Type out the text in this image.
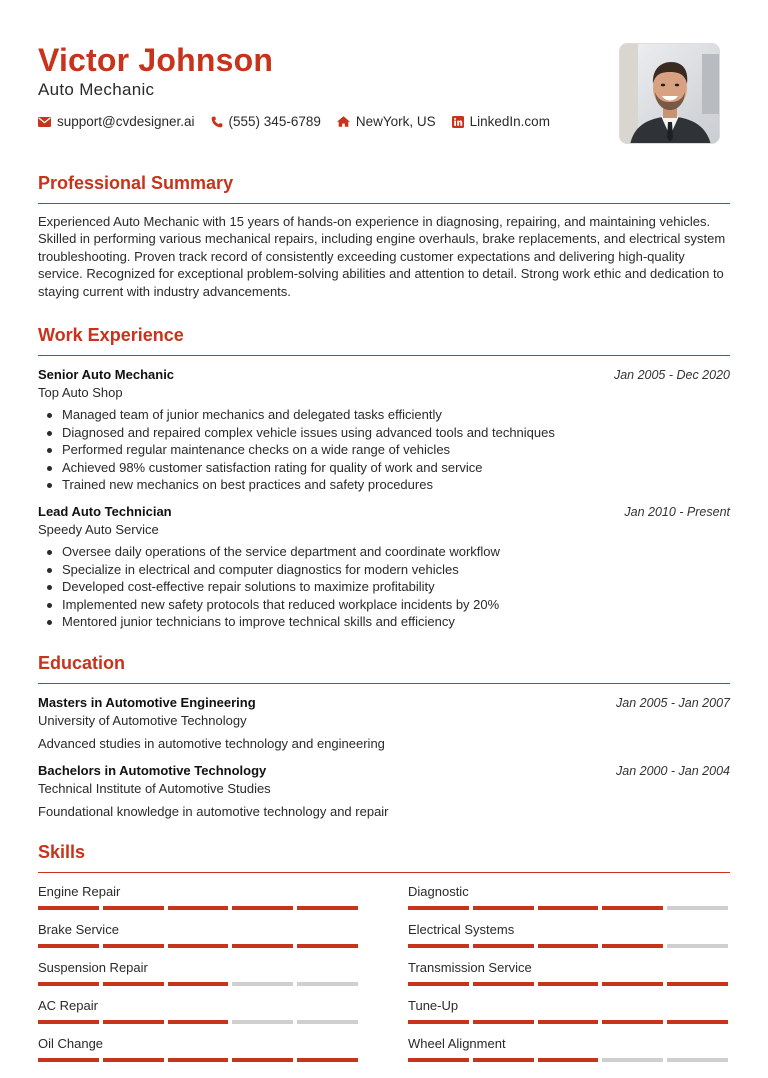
Victor Johnson
Auto Mechanic
support@cvdesigner.ai	(555) 345-6789	NewYork, US	LinkedIn.com
Professional Summary
Experienced Auto Mechanic with 15 years of hands-on experience in diagnosing, repairing, and maintaining vehicles. Skilled in performing various mechanical repairs, including engine overhauls, brake replacements, and electrical system troubleshooting. Proven track record of consistently exceeding customer expectations and delivering high-quality service. Recognized for exceptional problem-solving abilities and attention to detail. Strong work ethic and dedication to staying current with industry advancements.
Work Experience
Senior Auto Mechanic	Jan 2005 - Dec 2020
Top Auto Shop
Managed team of junior mechanics and delegated tasks efficiently
Diagnosed and repaired complex vehicle issues using advanced tools and techniques
Performed regular maintenance checks on a wide range of vehicles
Achieved 98% customer satisfaction rating for quality of work and service
Trained new mechanics on best practices and safety procedures
Lead Auto Technician	Jan 2010 - Present
Speedy Auto Service
Oversee daily operations of the service department and coordinate workflow
Specialize in electrical and computer diagnostics for modern vehicles
Developed cost-effective repair solutions to maximize profitability
Implemented new safety protocols that reduced workplace incidents by 20%
Mentored junior technicians to improve technical skills and efficiency
Education
Masters in Automotive Engineering	Jan 2005 - Jan 2007
University of Automotive Technology
Advanced studies in automotive technology and engineering
Bachelors in Automotive Technology	Jan 2000 - Jan 2004
Technical Institute of Automotive Studies
Foundational knowledge in automotive technology and repair
Skills
Engine Repair	Diagnostic
Brake Service	Electrical Systems
Suspension Repair	Transmission Service
AC Repair	Tune-Up
Oil Change	Wheel Alignment
